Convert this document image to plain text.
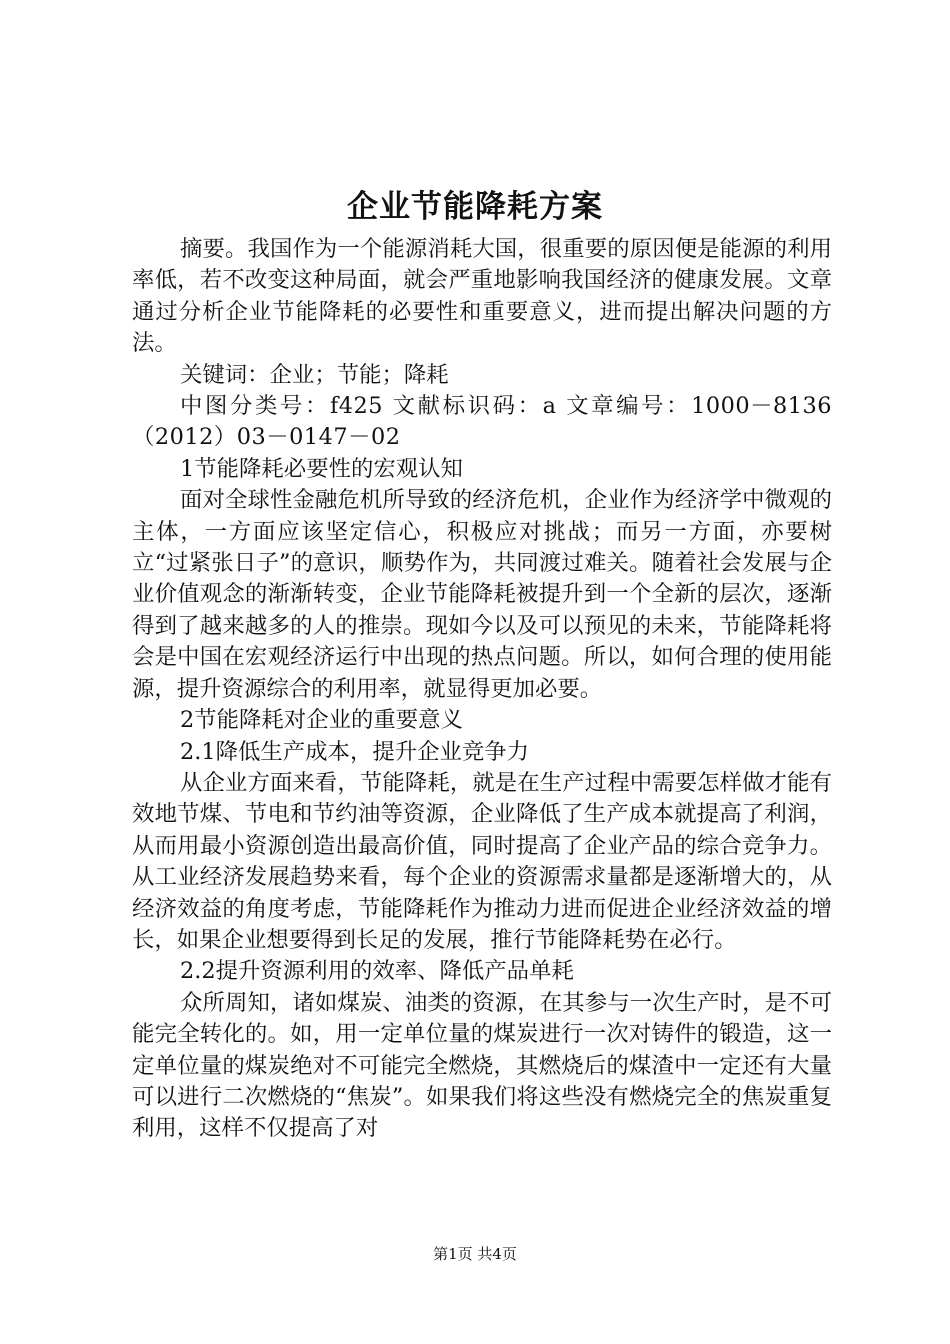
企业节能降耗方案

摘要。我国作为一个能源消耗大国，很重要的原因便是能源的利用率低，若不改变这种局面，就会严重地影响我国经济的健康发展。文章通过分析企业节能降耗的必要性和重要意义，进而提出解决问题的方法。

关键词：企业；节能；降耗

中图分类号：f425 文献标识码：a 文章编号：1000－8136（2012）03－0147－02

1节能降耗必要性的宏观认知

面对全球性金融危机所导致的经济危机，企业作为经济学中微观的主体，一方面应该坚定信心，积极应对挑战；而另一方面，亦要树立“过紧张日子”的意识，顺势作为，共同渡过难关。随着社会发展与企业价值观念的渐渐转变，企业节能降耗被提升到一个全新的层次，逐渐得到了越来越多的人的推崇。现如今以及可以预见的未来，节能降耗将会是中国在宏观经济运行中出现的热点问题。所以，如何合理的使用能源，提升资源综合的利用率，就显得更加必要。

2节能降耗对企业的重要意义

2.1降低生产成本，提升企业竞争力

从企业方面来看，节能降耗，就是在生产过程中需要怎样做才能有效地节煤、节电和节约油等资源，企业降低了生产成本就提高了利润，从而用最小资源创造出最高价值，同时提高了企业产品的综合竞争力。从工业经济发展趋势来看，每个企业的资源需求量都是逐渐增大的，从经济效益的角度考虑，节能降耗作为推动力进而促进企业经济效益的增长，如果企业想要得到长足的发展，推行节能降耗势在必行。

2.2提升资源利用的效率、降低产品单耗

众所周知，诸如煤炭、油类的资源，在其参与一次生产时，是不可能完全转化的。如，用一定单位量的煤炭进行一次对铸件的锻造，这一定单位量的煤炭绝对不可能完全燃烧，其燃烧后的煤渣中一定还有大量可以进行二次燃烧的“焦炭”。如果我们将这些没有燃烧完全的焦炭重复利用，这样不仅提高了对

第1页 共4页
